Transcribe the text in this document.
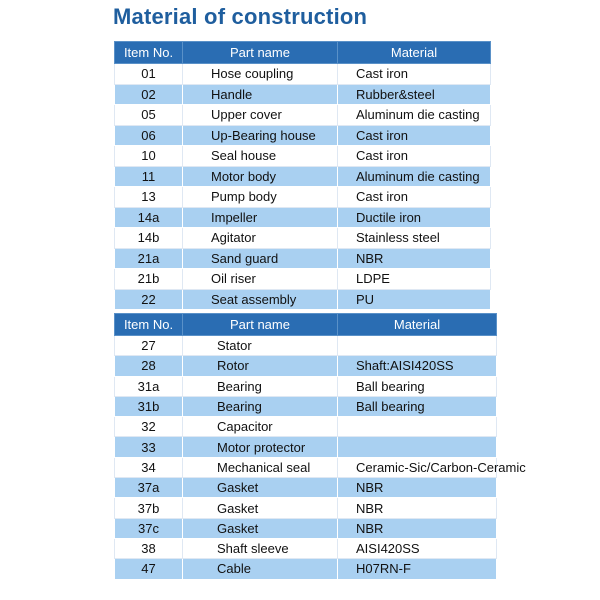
Material of construction
Item No.	Part name	Material
01	Hose coupling	Cast iron
02	Handle	Rubber&steel
05	Upper cover	Aluminum die casting
06	Up-Bearing house	Cast iron
10	Seal house	Cast iron
11	Motor body	Aluminum die casting
13	Pump body	Cast iron
14a	Impeller	Ductile iron
14b	Agitator	Stainless steel
21a	Sand guard	NBR
21b	Oil riser	LDPE
22	Seat assembly	PU
Item No.	Part name	Material
27	Stator	
28	Rotor	Shaft:AISI420SS
31a	Bearing	Ball bearing
31b	Bearing	Ball bearing
32	Capacitor	
33	Motor protector	
34	Mechanical seal	Ceramic-Sic/Carbon-Ceramic
37a	Gasket	NBR
37b	Gasket	NBR
37c	Gasket	NBR
38	Shaft sleeve	AISI420SS
47	Cable	H07RN-F
